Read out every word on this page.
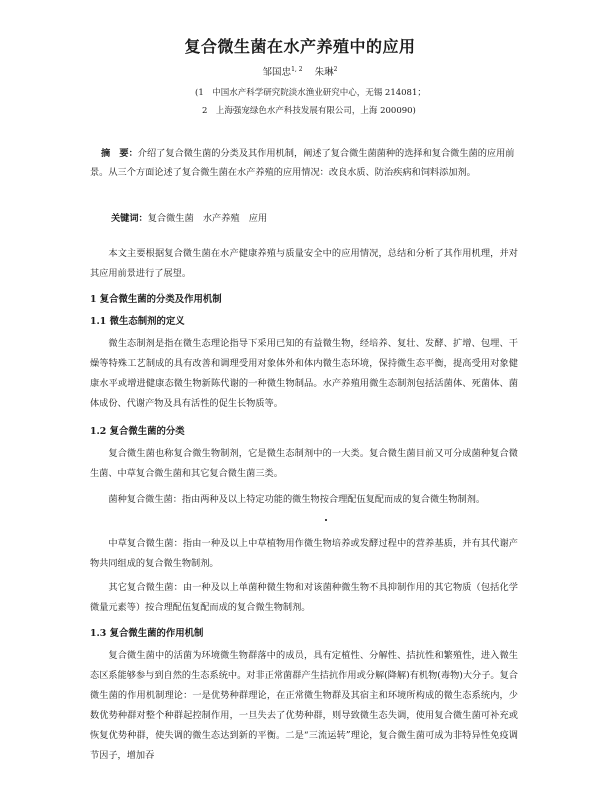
复合微生菌在水产养殖中的应用
邹国忠$^{1, 2}$ 朱琳$^2$
(1　中国水产科学研究院淡水渔业研究中心，无锡 214081；
2　上海强宠绿色水产科技发展有限公司，上海 200090)

摘　要：介绍了复合微生菌的分类及其作用机制，阐述了复合微生菌菌种的选择和复合微生菌的应用前景。从三个方面论述了复合微生菌在水产养殖的应用情况：改良水质、防治疾病和饲料添加剂。

关键词：复合微生菌　水产养殖　应用

本文主要根据复合微生菌在水产健康养殖与质量安全中的应用情况，总结和分析了其作用机理，并对其应用前景进行了展望。

1 复合微生菌的分类及作用机制

1.1 微生态制剂的定义

微生态制剂是指在微生态理论指导下采用已知的有益微生物，经培养、复壮、发酵、扩增、包埋、干燥等特殊工艺制成的具有改善和调理受用对象体外和体内微生态环境，保持微生态平衡，提高受用对象健康水平或增进健康态微生物新陈代谢的一种微生物制品。水产养殖用微生态制剂包括活菌体、死菌体、菌体成份、代谢产物及具有活性的促生长物质等。

1.2 复合微生菌的分类

复合微生菌也称复合微生物制剂，它是微生态制剂中的一大类。复合微生菌目前又可分成菌种复合微生菌、中草复合微生菌和其它复合微生菌三类。

菌种复合微生菌：指由两种及以上特定功能的微生物按合理配伍复配而成的复合微生物制剂。

中草复合微生菌：指由一种及以上中草植物用作微生物培养或发酵过程中的营养基质，并有其代谢产物共同组成的复合微生物制剂。

其它复合微生菌：由一种及以上单菌种微生物和对该菌种微生物不具抑制作用的其它物质（包括化学微量元素等）按合理配伍复配而成的复合微生物制剂。

1.3 复合微生菌的作用机制

复合微生菌中的活菌为环境微生物群落中的成员，具有定植性、分解性、拮抗性和繁殖性，进入微生态区系能够参与到自然的生态系统中。对非正常菌群产生拮抗作用或分解(降解)有机物(毒物)大分子。复合微生菌的作用机制理论：一是优势种群理论，在正常微生物群及其宿主和环境所构成的微生态系统内，少数优势种群对整个种群起控制作用，一旦失去了优势种群，则导致微生态失调，使用复合微生菌可补充或恢复优势种群，使失调的微生态达到新的平衡。二是“三流运转”理论，复合微生菌可成为非特异性免疫调节因子，增加吞
